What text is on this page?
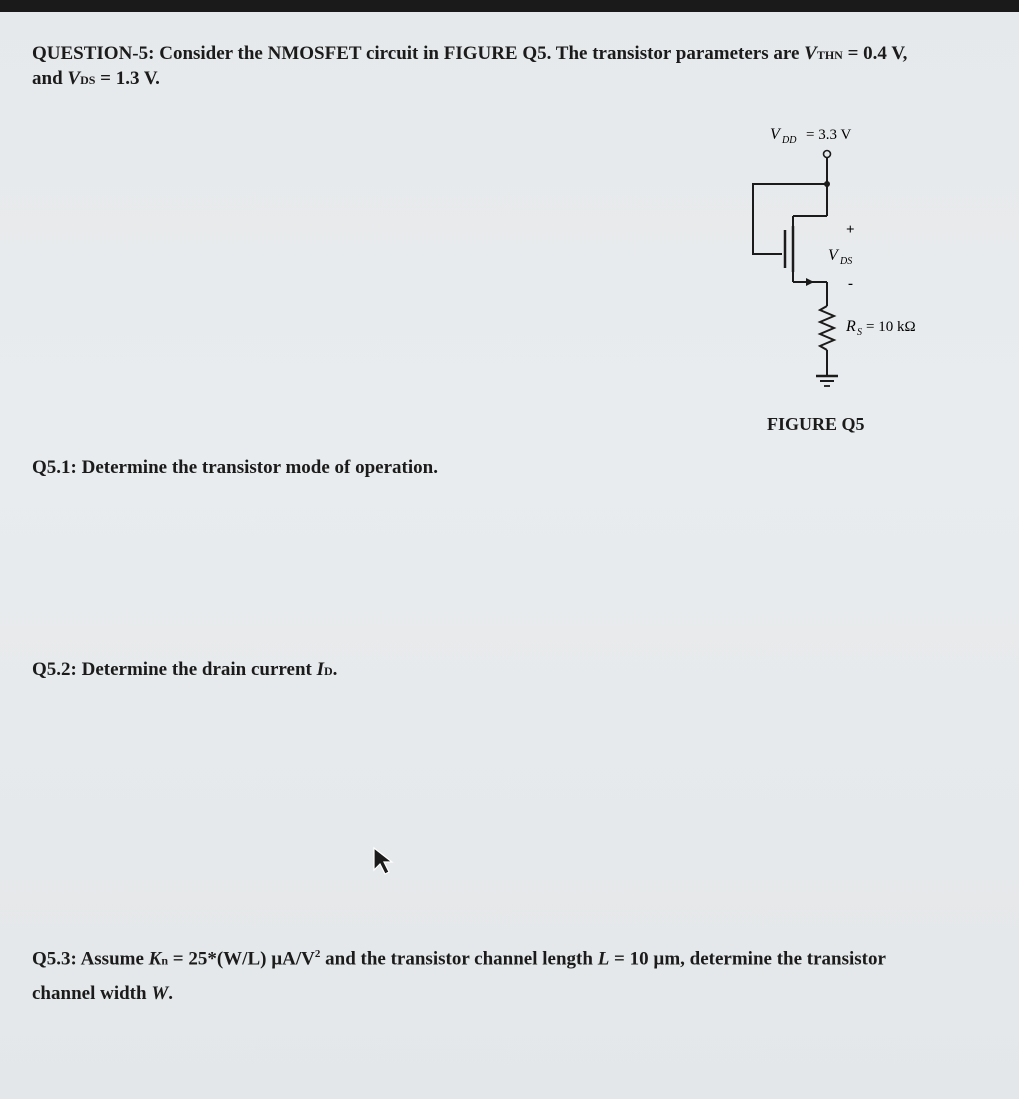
QUESTION-5: Consider the NMOSFET circuit in FIGURE Q5. The transistor parameters are VTHN = 0.4 V,
and VDS = 1.3 V.
V DD = 3.3 V
+
V DS
-
R S = 10 kΩ
FIGURE Q5
Q5.1: Determine the transistor mode of operation.
Q5.2: Determine the drain current ID.
Q5.3: Assume Kn = 25*(W/L) $\mu A/V^2$ and the transistor channel length L = 10 µm, determine the transistor
channel width W.
